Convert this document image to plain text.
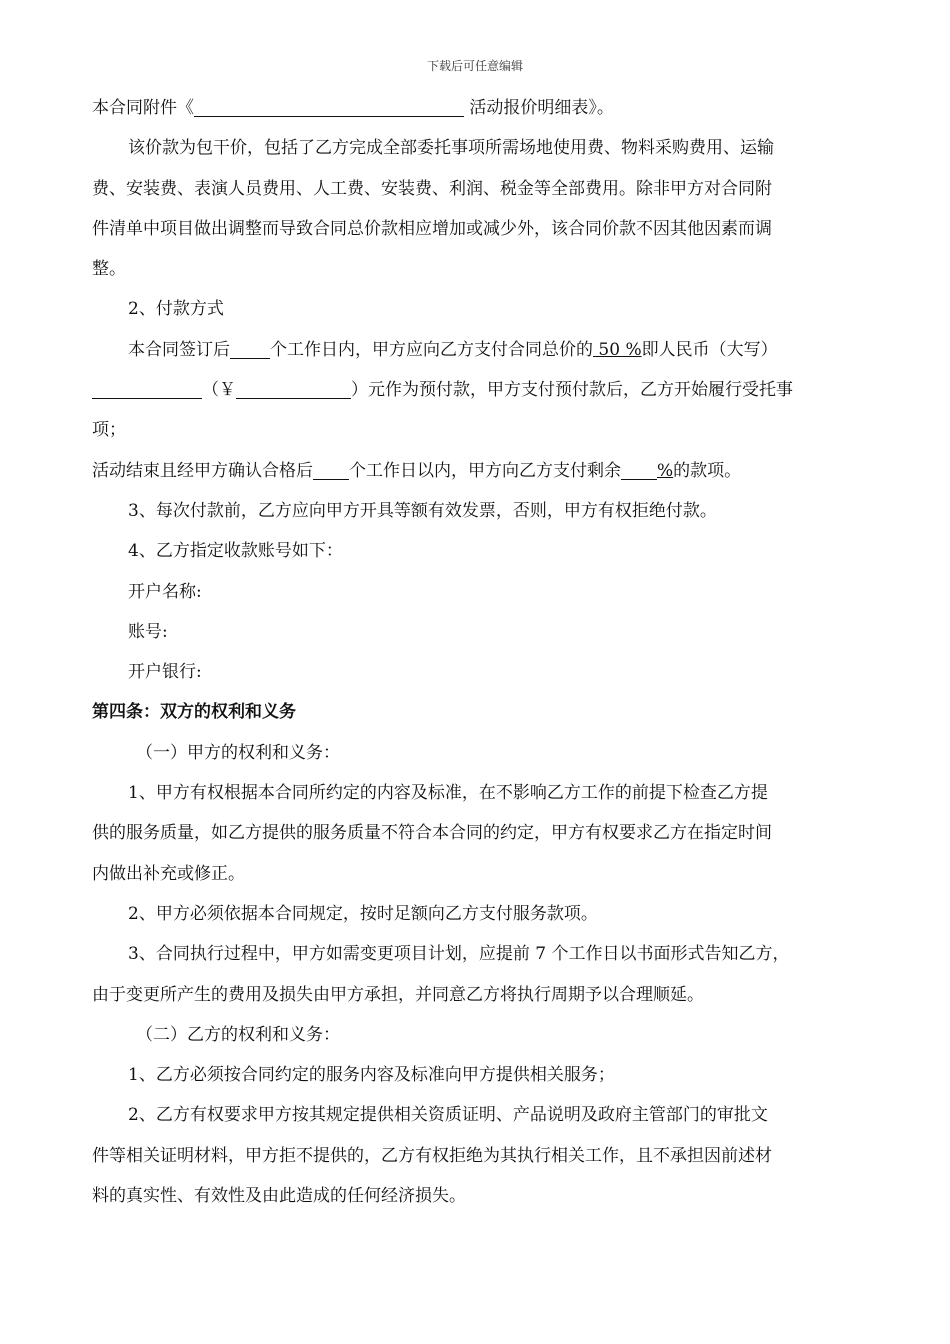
下载后可任意编辑
本合同附件《	活动报价明细表》。
该价款为包干价，包括了乙方完成全部委托事项所需场地使用费、物料采购费用、运输
费、安装费、表演人员费用、人工费、安装费、利润、税金等全部费用。除非甲方对合同附
件清单中项目做出调整而导致合同总价款相应增加或减少外，该合同价款不因其他因素而调
整。
2、付款方式
本合同签订后 个工作日内，甲方应向乙方支付合同总价的 50 %即人民币（大写）
（￥	）元作为预付款，甲方支付预付款后，乙方开始履行受托事
项；
活动结束且经甲方确认合格后 个工作日以内，甲方向乙方支付剩余 %的款项。
3、每次付款前，乙方应向甲方开具等额有效发票，否则，甲方有权拒绝付款。
4、乙方指定收款账号如下：
开户名称:
账号:
开户银行:
第四条：双方的权利和义务
（一）甲方的权利和义务：
1、甲方有权根据本合同所约定的内容及标准，在不影响乙方工作的前提下检查乙方提
供的服务质量，如乙方提供的服务质量不符合本合同的约定，甲方有权要求乙方在指定时间
内做出补充或修正。
2、甲方必须依据本合同规定，按时足额向乙方支付服务款项。
3、合同执行过程中，甲方如需变更项目计划，应提前 7 个工作日以书面形式告知乙方，
由于变更所产生的费用及损失由甲方承担，并同意乙方将执行周期予以合理顺延。
（二）乙方的权利和义务：
1、乙方必须按合同约定的服务内容及标准向甲方提供相关服务；
2、乙方有权要求甲方按其规定提供相关资质证明、产品说明及政府主管部门的审批文
件等相关证明材料，甲方拒不提供的，乙方有权拒绝为其执行相关工作，且不承担因前述材
料的真实性、有效性及由此造成的任何经济损失。
